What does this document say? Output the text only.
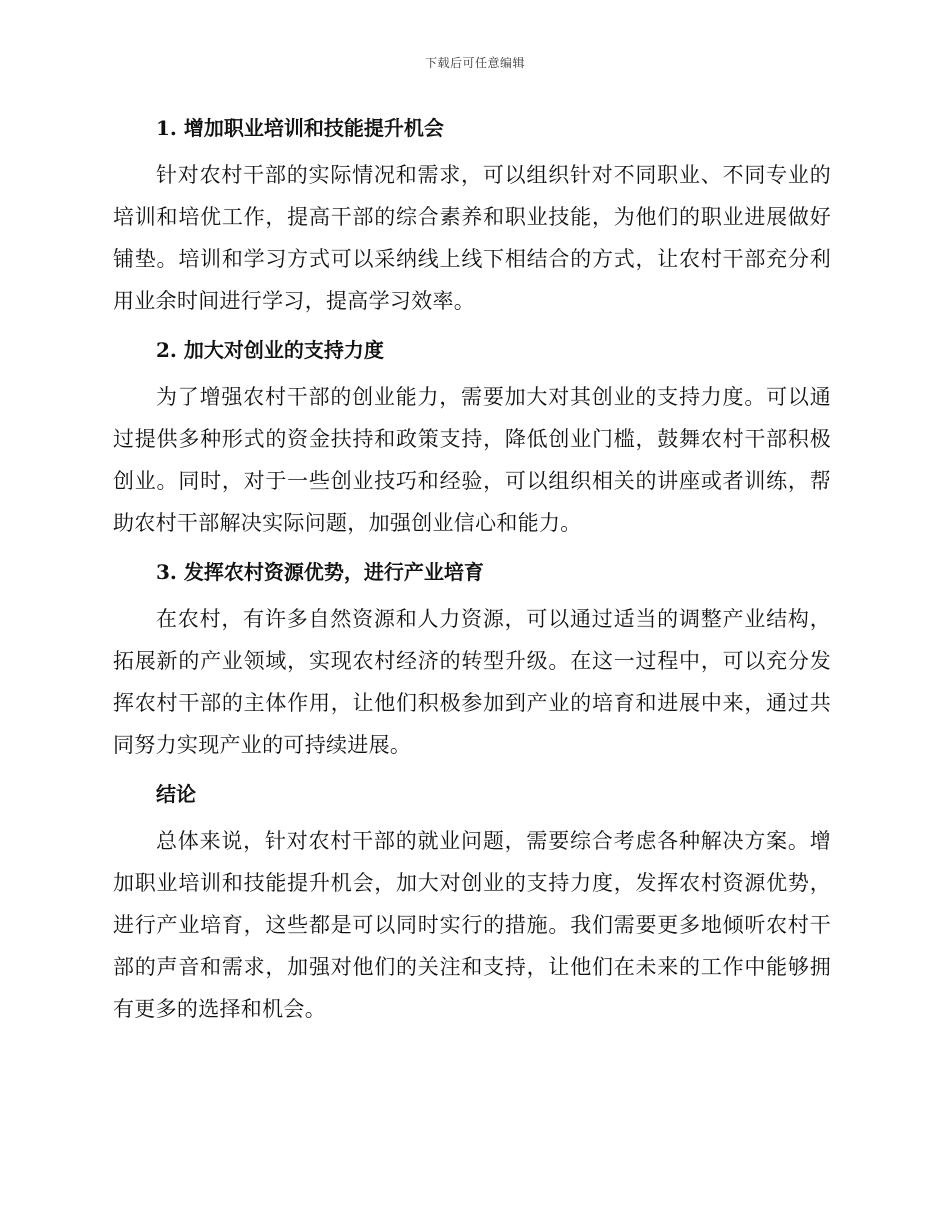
下载后可任意编辑
1. 增加职业培训和技能提升机会

针对农村干部的实际情况和需求，可以组织针对不同职业、不同专业的培训和培优工作，提高干部的综合素养和职业技能，为他们的职业进展做好铺垫。培训和学习方式可以采纳线上线下相结合的方式，让农村干部充分利用业余时间进行学习，提高学习效率。

2. 加大对创业的支持力度

为了增强农村干部的创业能力，需要加大对其创业的支持力度。可以通过提供多种形式的资金扶持和政策支持，降低创业门槛，鼓舞农村干部积极创业。同时，对于一些创业技巧和经验，可以组织相关的讲座或者训练，帮助农村干部解决实际问题，加强创业信心和能力。

3. 发挥农村资源优势，进行产业培育

在农村，有许多自然资源和人力资源，可以通过适当的调整产业结构，拓展新的产业领域，实现农村经济的转型升级。在这一过程中，可以充分发挥农村干部的主体作用，让他们积极参加到产业的培育和进展中来，通过共同努力实现产业的可持续进展。

结论

总体来说，针对农村干部的就业问题，需要综合考虑各种解决方案。增加职业培训和技能提升机会，加大对创业的支持力度，发挥农村资源优势，进行产业培育，这些都是可以同时实行的措施。我们需要更多地倾听农村干部的声音和需求，加强对他们的关注和支持，让他们在未来的工作中能够拥有更多的选择和机会。
